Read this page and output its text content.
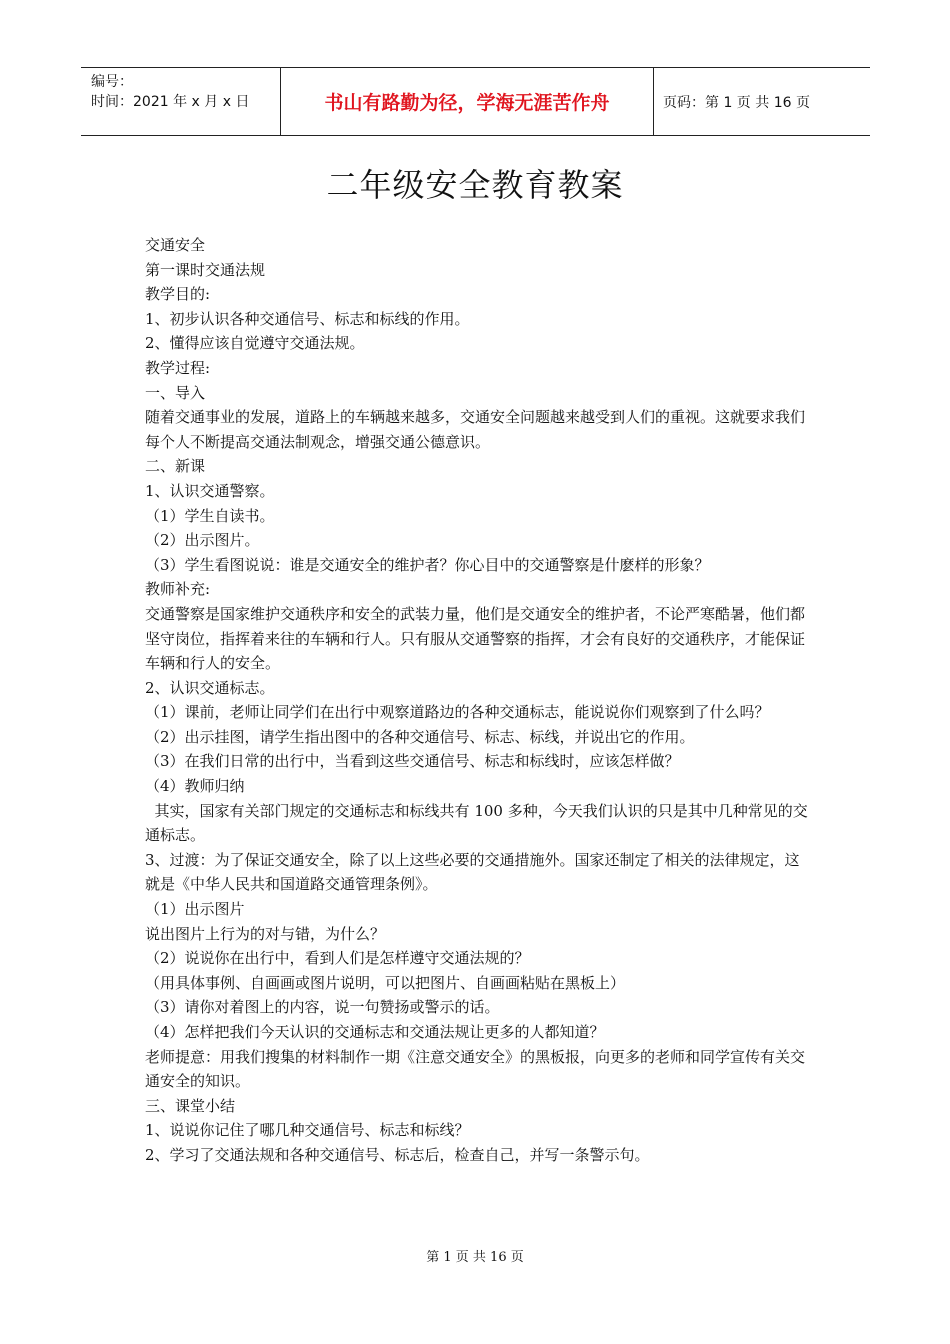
编号：
时间：2021 年 x 月 x 日	书山有路勤为径，学海无涯苦作舟	页码：第 1 页 共 16 页
二年级安全教育教案

交通安全

第一课时交通法规

教学目的:

1、初步认识各种交通信号、标志和标线的作用。

2、懂得应该自觉遵守交通法规。

教学过程:

一、导入

随着交通事业的发展，道路上的车辆越来越多，交通安全问题越来越受到人们的重视。这就要求我们每个人不断提高交通法制观念，增强交通公德意识。

二、新课

1、认识交通警察。

（1）学生自读书。

（2）出示图片。

（3）学生看图说说：谁是交通安全的维护者？你心目中的交通警察是什麽样的形象？

教师补充:

交通警察是国家维护交通秩序和安全的武装力量，他们是交通安全的维护者，不论严寒酷暑，他们都坚守岗位，指挥着来往的车辆和行人。只有服从交通警察的指挥，才会有良好的交通秩序，才能保证车辆和行人的安全。

2、认识交通标志。

（1）课前，老师让同学们在出行中观察道路边的各种交通标志，能说说你们观察到了什么吗？

（2）出示挂图，请学生指出图中的各种交通信号、标志、标线，并说出它的作用。

（3）在我们日常的出行中，当看到这些交通信号、标志和标线时，应该怎样做？

（4）教师归纳

其实，国家有关部门规定的交通标志和标线共有 100 多种，今天我们认识的只是其中几种常见的交通标志。

3、过渡：为了保证交通安全，除了以上这些必要的交通措施外。国家还制定了相关的法律规定，这就是《中华人民共和国道路交通管理条例》。

（1）出示图片

说出图片上行为的对与错，为什么？

（2）说说你在出行中，看到人们是怎样遵守交通法规的？

（用具体事例、自画画或图片说明，可以把图片、自画画粘贴在黑板上）

（3）请你对着图上的内容，说一句赞扬或警示的话。

（4）怎样把我们今天认识的交通标志和交通法规让更多的人都知道？

老师提意：用我们搜集的材料制作一期《注意交通安全》的黑板报，向更多的老师和同学宣传有关交通安全的知识。

三、课堂小结

1、说说你记住了哪几种交通信号、标志和标线？

2、学习了交通法规和各种交通信号、标志后，检查自己，并写一条警示句。

第 1 页 共 16 页
